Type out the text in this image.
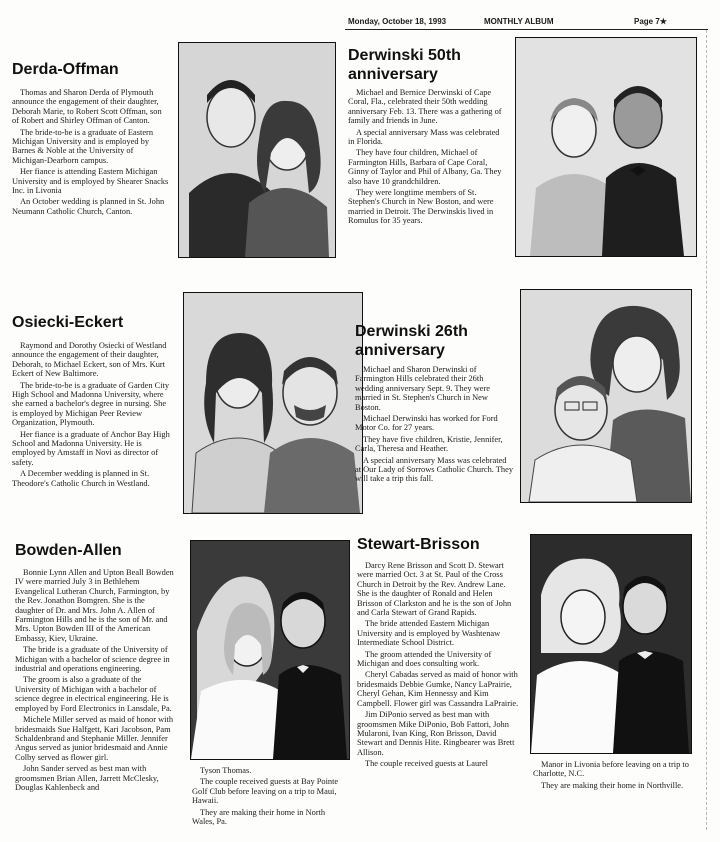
Monday, October 18, 1993	MONTHLY ALBUM	Page 7★
Derda-Offman

Thomas and Sharon Derda of Plymouth announce the engagement of their daughter, Deborah Marie, to Robert Scott Offman, son of Robert and Shirley Offman of Canton.

The bride-to-be is a graduate of Eastern Michigan University and is employed by Barnes & Noble at the University of Michigan-Dearborn campus.

Her fiance is attending Eastern Michigan University and is employed by Shearer Snacks Inc. in Livonia

An October wedding is planned in St. John Neumann Catholic Church, Canton.

Derwinski 50th anniversary

Michael and Bernice Derwinski of Cape Coral, Fla., celebrated their 50th wedding anniversary Feb. 13. There was a gathering of family and friends in June.

A special anniversary Mass was celebrated in Florida.

They have four children, Michael of Farmington Hills, Barbara of Cape Coral, Ginny of Taylor and Phil of Albany, Ga. They also have 10 grandchildren.

They were longtime members of St. Stephen's Church in New Boston, and were married in Detroit. The Derwinskis lived in Romulus for 35 years.

Osiecki-Eckert

Raymond and Dorothy Osiecki of Westland announce the engagement of their daughter, Deborah, to Michael Eckert, son of Mrs. Kurt Eckert of New Baltimore.

The bride-to-be is a graduate of Garden City High School and Madonna University, where she earned a bachelor's degree in nursing. She is employed by Michigan Peer Review Organization, Plymouth.

Her fiance is a graduate of Anchor Bay High School and Madonna University. He is employed by Amstaff in Novi as director of safety.

A December wedding is planned in St. Theodore's Catholic Church in Westland.

Derwinski 26th anniversary

Michael and Sharon Derwinski of Farmington Hills celebrated their 26th wedding anniversary Sept. 9. They were married in St. Stephen's Church in New Boston.

Michael Derwinski has worked for Ford Motor Co. for 27 years.

They have five children, Kristie, Jennifer, Carla, Theresa and Heather.

A special anniversary Mass was celebrated at Our Lady of Sorrows Catholic Church. They will take a trip this fall.

Bowden-Allen

Bonnie Lynn Allen and Upton Beall Bowden IV were married July 3 in Bethlehem Evangelical Lutheran Church, Farmington, by the Rev. Jonathon Bomgren. She is the daughter of Dr. and Mrs. John A. Allen of Farmington Hills and he is the son of Mr. and Mrs. Upton Bowden III of the American Embassy, Kiev, Ukraine.

The bride is a graduate of the University of Michigan with a bachelor of science degree in industrial and operations engineering.

The groom is also a graduate of the University of Michigan with a bachelor of science degree in electrical engineering. He is employed by Ford Electronics in Lansdale, Pa.

Michele Miller served as maid of honor with bridesmaids Sue Halfgett, Kari Jacobson, Pam Schaldenbrand and Stephanie Miller. Jennifer Angus served as junior bridesmaid and Annie Colby served as flower girl.

John Sander served as best man with groomsmen Brian Allen, Jarrett McClesky, Douglas Kahlenbeck and

Tyson Thomas.

The couple received guests at Bay Pointe Golf Club before leaving on a trip to Maui, Hawaii.

They are making their home in North Wales, Pa.

Stewart-Brisson

Darcy Rene Brisson and Scott D. Stewart were married Oct. 3 at St. Paul of the Cross Church in Detroit by the Rev. Andrew Lane. She is the daughter of Ronald and Helen Brisson of Clarkston and he is the son of John and Carla Stewart of Grand Rapids.

The bride attended Eastern Michigan University and is employed by Washtenaw Intermediate School District.

The groom attended the University of Michigan and does consulting work.

Cheryl Cabadas served as maid of honor with bridesmaids Debbie Gumke, Nancy LaPrairie, Cheryl Gehan, Kim Hennessy and Kim Campbell. Flower girl was Cassandra LaPrairie.

Jim DiPonio served as best man with groomsmen Mike DiPonio, Bob Fattori, John Mularoni, Ivan King, Ron Brisson, David Stewart and Dennis Hite. Ringbearer was Brett Allison.

The couple received guests at Laurel	Manor in Livonia before leaving on a trip to Charlotte, N.C.

They are making their home in Northville.
